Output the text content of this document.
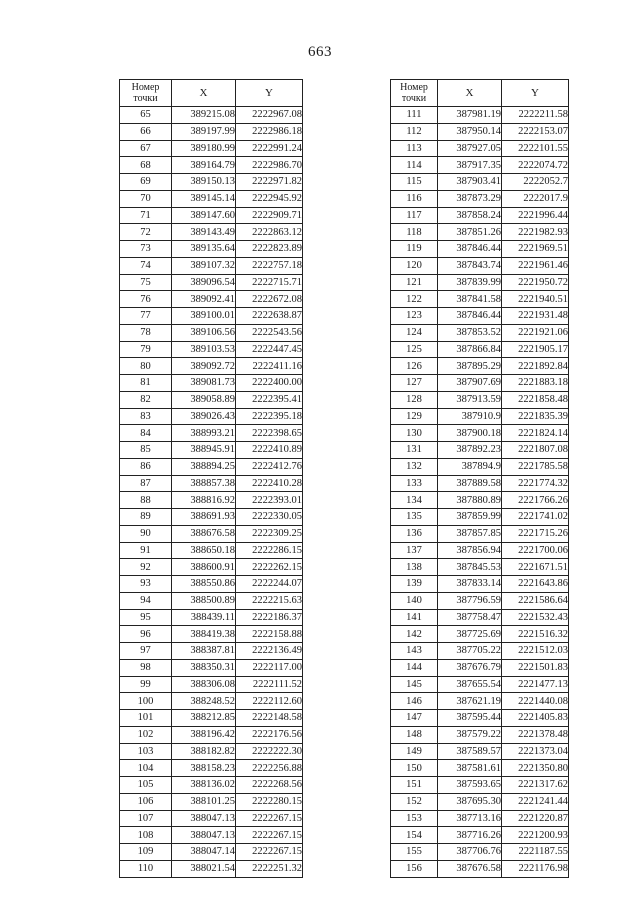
663
Номер
точки	X	Y
65	389215.08	2222967.08
66	389197.99	2222986.18
67	389180.99	2222991.24
68	389164.79	2222986.70
69	389150.13	2222971.82
70	389145.14	2222945.92
71	389147.60	2222909.71
72	389143.49	2222863.12
73	389135.64	2222823.89
74	389107.32	2222757.18
75	389096.54	2222715.71
76	389092.41	2222672.08
77	389100.01	2222638.87
78	389106.56	2222543.56
79	389103.53	2222447.45
80	389092.72	2222411.16
81	389081.73	2222400.00
82	389058.89	2222395.41
83	389026.43	2222395.18
84	388993.21	2222398.65
85	388945.91	2222410.89
86	388894.25	2222412.76
87	388857.38	2222410.28
88	388816.92	2222393.01
89	388691.93	2222330.05
90	388676.58	2222309.25
91	388650.18	2222286.15
92	388600.91	2222262.15
93	388550.86	2222244.07
94	388500.89	2222215.63
95	388439.11	2222186.37
96	388419.38	2222158.88
97	388387.81	2222136.49
98	388350.31	2222117.00
99	388306.08	2222111.52
100	388248.52	2222112.60
101	388212.85	2222148.58
102	388196.42	2222176.56
103	388182.82	2222222.30
104	388158.23	2222256.88
105	388136.02	2222268.56
106	388101.25	2222280.15
107	388047.13	2222267.15
108	388047.13	2222267.15
109	388047.14	2222267.15
110	388021.54	2222251.32
Номер
точки	X	Y
111	387981.19	2222211.58
112	387950.14	2222153.07
113	387927.05	2222101.55
114	387917.35	2222074.72
115	387903.41	2222052.7
116	387873.29	2222017.9
117	387858.24	2221996.44
118	387851.26	2221982.93
119	387846.44	2221969.51
120	387843.74	2221961.46
121	387839.99	2221950.72
122	387841.58	2221940.51
123	387846.44	2221931.48
124	387853.52	2221921.06
125	387866.84	2221905.17
126	387895.29	2221892.84
127	387907.69	2221883.18
128	387913.59	2221858.48
129	387910.9	2221835.39
130	387900.18	2221824.14
131	387892.23	2221807.08
132	387894.9	2221785.58
133	387889.58	2221774.32
134	387880.89	2221766.26
135	387859.99	2221741.02
136	387857.85	2221715.26
137	387856.94	2221700.06
138	387845.53	2221671.51
139	387833.14	2221643.86
140	387796.59	2221586.64
141	387758.47	2221532.43
142	387725.69	2221516.32
143	387705.22	2221512.03
144	387676.79	2221501.83
145	387655.54	2221477.13
146	387621.19	2221440.08
147	387595.44	2221405.83
148	387579.22	2221378.48
149	387589.57	2221373.04
150	387581.61	2221350.80
151	387593.65	2221317.62
152	387695.30	2221241.44
153	387713.16	2221220.87
154	387716.26	2221200.93
155	387706.76	2221187.55
156	387676.58	2221176.98
